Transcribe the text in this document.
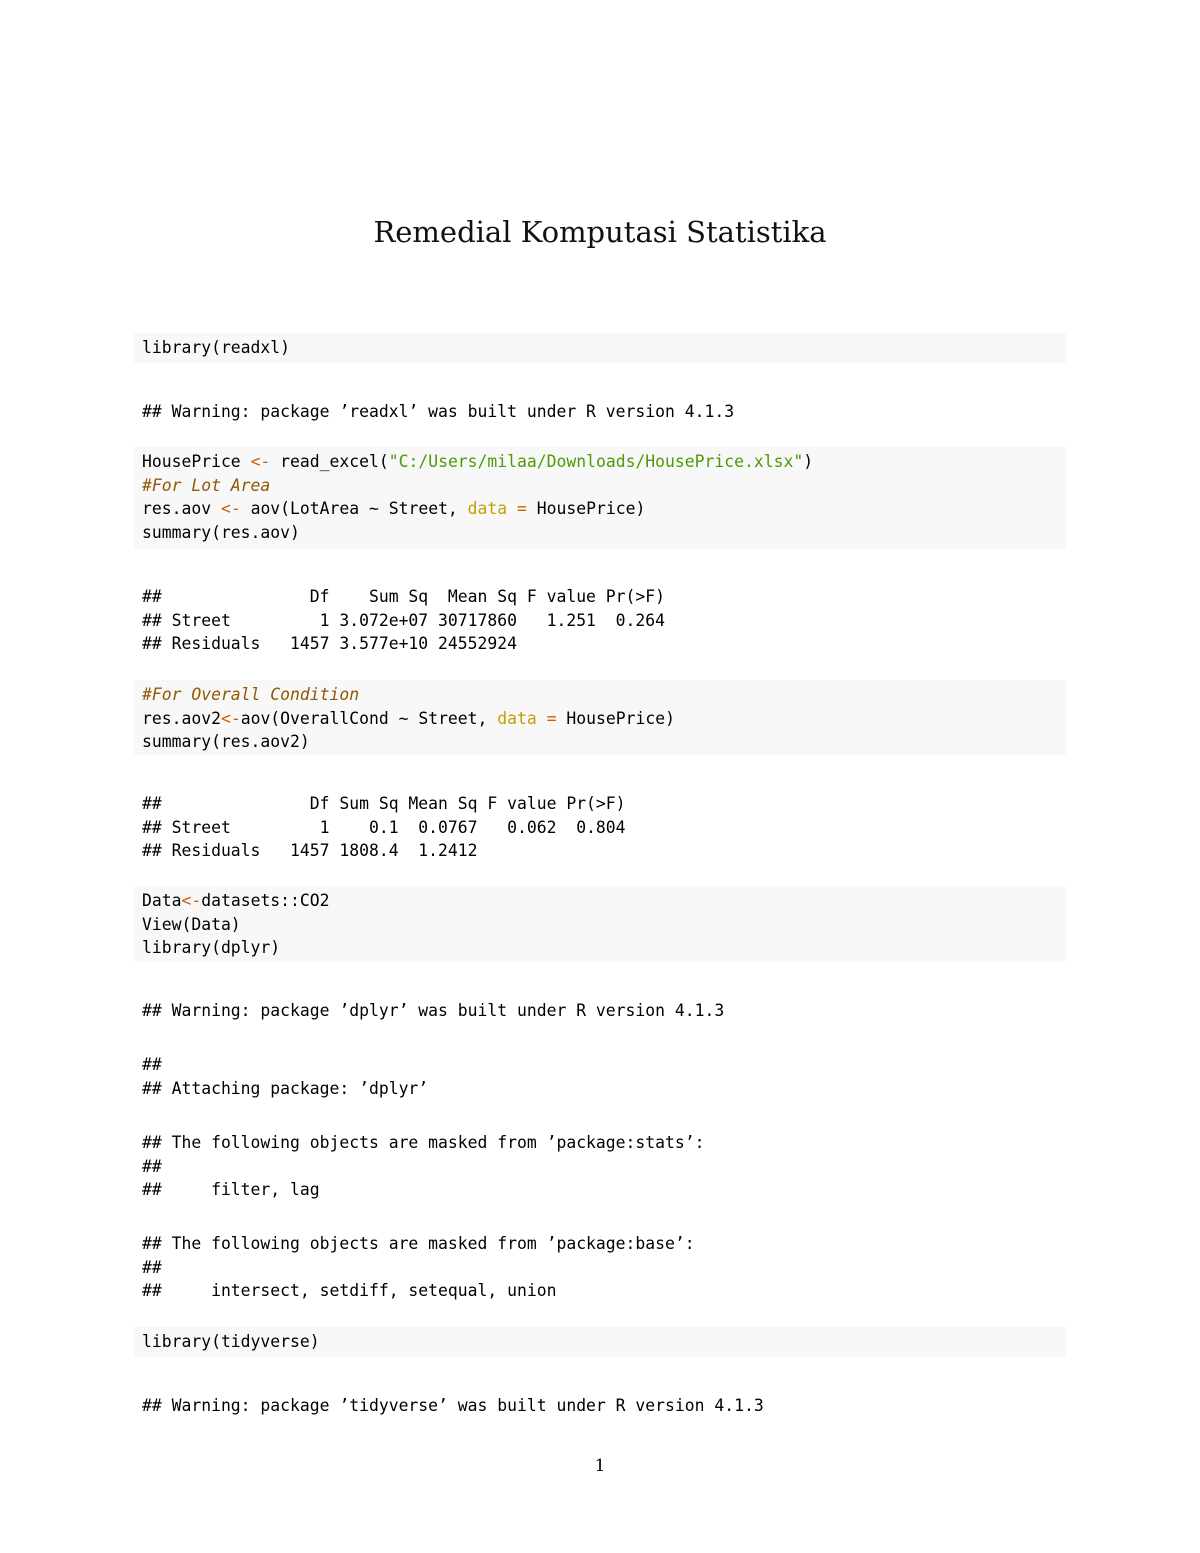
Remedial Komputasi Statistika
library(readxl)
## Warning: package ’readxl’ was built under R version 4.1.3
HousePrice <- read_excel("C:/Users/milaa/Downloads/HousePrice.xlsx")
#For Lot Area
res.aov <- aov(LotArea ~ Street, data = HousePrice)
summary(res.aov)
##               Df    Sum Sq  Mean Sq F value Pr(>F)
## Street         1 3.072e+07 30717860   1.251  0.264
## Residuals   1457 3.577e+10 24552924
#For Overall Condition
res.aov2<-aov(OverallCond ~ Street, data = HousePrice)
summary(res.aov2)
##               Df Sum Sq Mean Sq F value Pr(>F)
## Street         1    0.1  0.0767   0.062  0.804
## Residuals   1457 1808.4  1.2412
Data<-datasets::CO2
View(Data)
library(dplyr)
## Warning: package ’dplyr’ was built under R version 4.1.3
##
## Attaching package: ’dplyr’
## The following objects are masked from ’package:stats’:
##
##     filter, lag
## The following objects are masked from ’package:base’:
##
##     intersect, setdiff, setequal, union
library(tidyverse)
## Warning: package ’tidyverse’ was built under R version 4.1.3
1
